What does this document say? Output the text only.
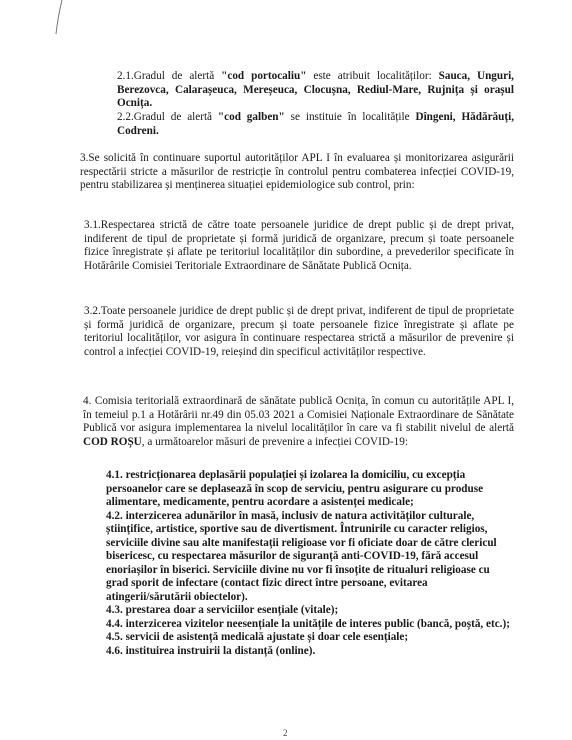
2.1.Gradul de alertă "cod portocaliu" este atribuit localităților: Sauca, Unguri, Berezovca, Calarașeuca, Mereșeuca, Clocușna, Rediul-Mare, Rujnița și orașul Ocnița.
2.2.Gradul de alertă "cod galben" se instituie în localitățile Dîngeni, Hădărăuți, Codreni.
3.Se solicită în continuare suportul autorităților APL I în evaluarea și monitorizarea asigurării respectării stricte a măsurilor de restricție în controlul pentru combaterea infecției COVID-19, pentru stabilizarea și menținerea situației epidemiologice sub control, prin:
3.1.Respectarea strictă de către toate persoanele juridice de drept public și de drept privat, indiferent de tipul de proprietate și formă juridică de organizare, precum și toate persoanele fizice înregistrate și aflate pe teritoriul localităților din subordine, a prevederilor specificate în Hotărârile Comisiei Teritoriale Extraordinare de Sănătate Publică Ocnița.
3.2.Toate persoanele juridice de drept public și de drept privat, indiferent de tipul de proprietate și formă juridică de organizare, precum și toate persoanele fizice înregistrate și aflate pe teritoriul localităților, vor asigura în continuare respectarea strictă a măsurilor de prevenire și control a infecției COVID-19, reieșind din specificul activităților respective.
4. Comisia teritorială extraordinară de sănătate publică Ocnița, în comun cu autoritățile APL I, în temeiul p.1 a Hotărârii nr.49 din 05.03 2021 a Comisiei Naționale Extraordinare de Sănătate Publică vor asigura implementarea la nivelul localităților în care va fi stabilit nivelul de alertă COD ROȘU, a următoarelor măsuri de prevenire a infecției COVID-19:

4.1. restricționarea deplasării populației și izolarea la domiciliu, cu excepția persoanelor care se deplasează în scop de serviciu, pentru asigurare cu produse alimentare, medicamente, pentru acordare a asistenței medicale;

4.2. interzicerea adunărilor în masă, inclusiv de natura activităților culturale, științifice, artistice, sportive sau de divertisment. Întrunirile cu caracter religios, serviciile divine sau alte manifestații religioase vor fi oficiate doar de către clericul bisericesc, cu respectarea măsurilor de siguranță anti-COVID-19, fără accesul enoriașilor în biserici. Serviciile divine nu vor fi însoțite de ritualuri religioase cu grad sporit de infectare (contact fizic direct între persoane, evitarea atingerii/sărutării obiectelor).

4.3. prestarea doar a serviciilor esențiale (vitale);

4.4. interzicerea vizitelor neesențiale la unitățile de interes public (bancă, poștă, etc.);

4.5. servicii de asistență medicală ajustate și doar cele esențiale;

4.6. instituirea instruirii la distanță (online).

2
